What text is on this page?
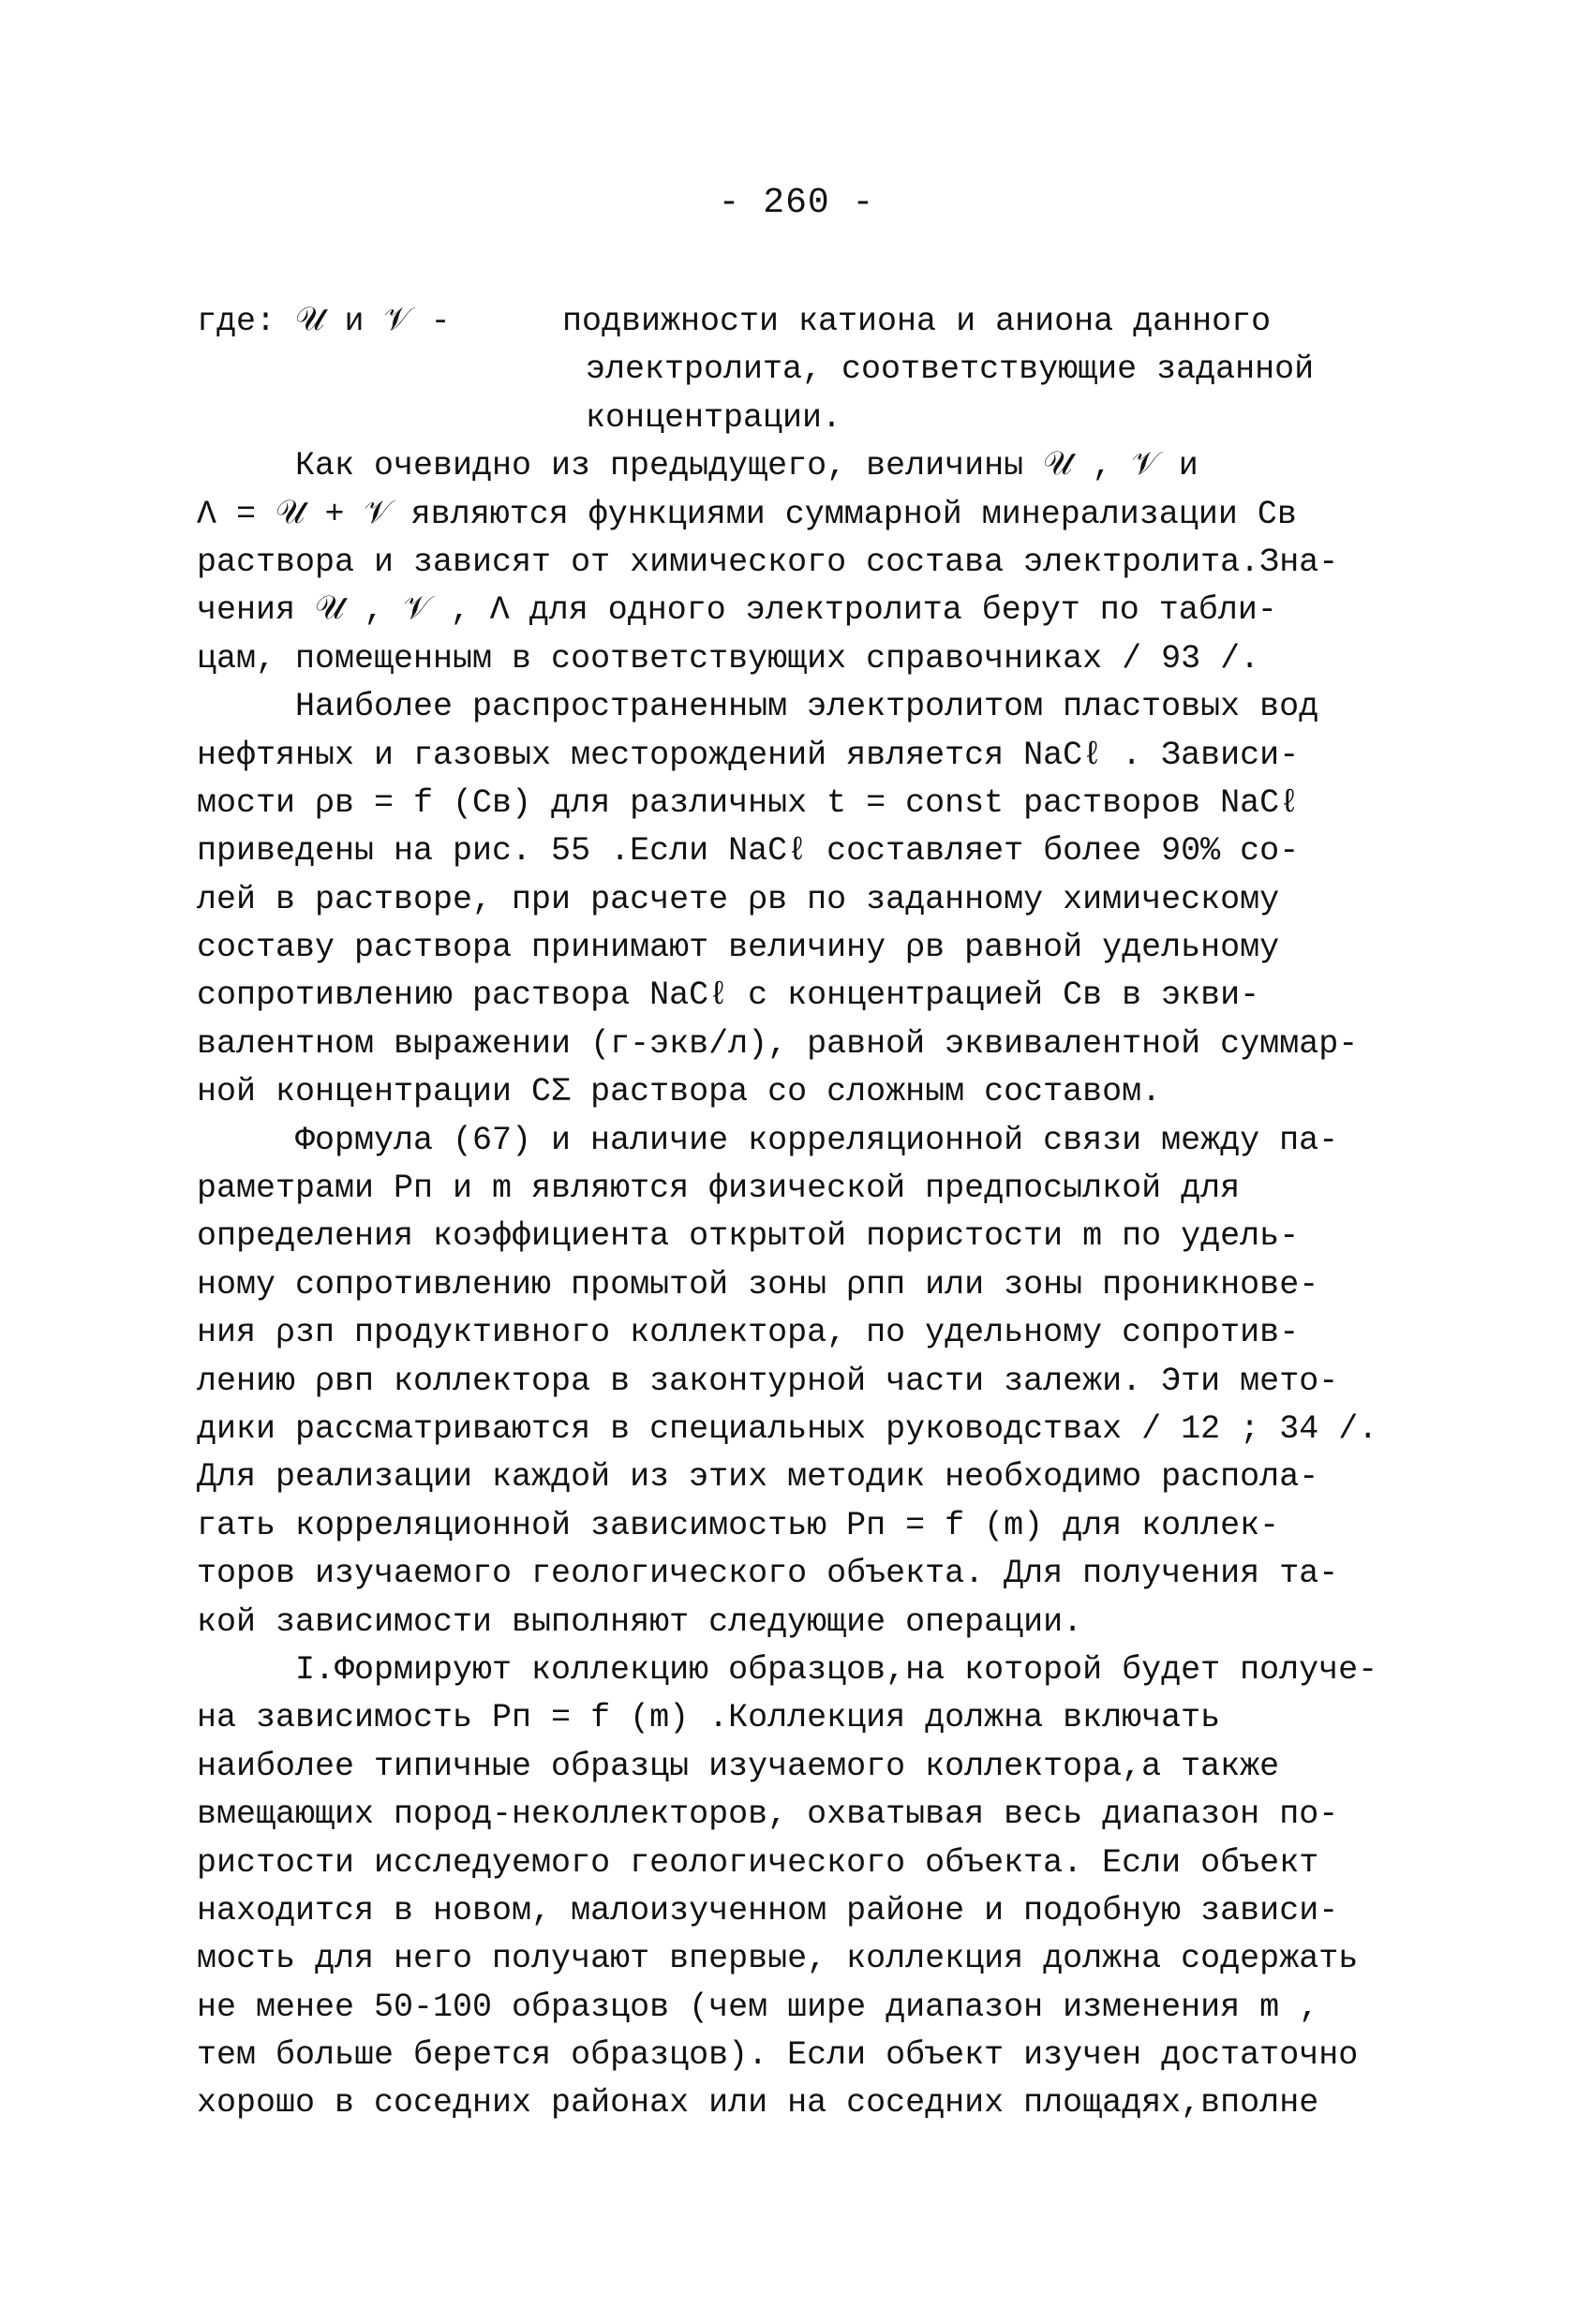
- 260 -
где: 𝒰 и 𝒱 -	подвижности катиона и аниона данного
электролита, соответствующие заданной
концентрации.
Как очевидно из предыдущего, величины 𝒰 , 𝒱 и
Λ = 𝒰 + 𝒱 являются функциями суммарной минерализации Cв
раствора и зависят от химического состава электролита.Зна-
чения 𝒰 , 𝒱 , Λ для одного электролита берут по табли-
цам, помещенным в соответствующих справочниках / 93 /.
Наиболее распространенным электролитом пластовых вод
нефтяных и газовых месторождений является NaCℓ . Зависи-
мости ρв = f (Cв) для различных t = const растворов NaCℓ
приведены на рис. 55 .Если NaCℓ составляет более 90% со-
лей в растворе, при расчете ρв по заданному химическому
составу раствора принимают величину ρв равной удельному
сопротивлению раствора NaCℓ с концентрацией Cв в экви-
валентном выражении (г-экв/л), равной эквивалентной суммар-
ной концентрации CΣ раствора со сложным составом.
Формула (67) и наличие корреляционной связи между па-
раметрами Pп и m являются физической предпосылкой для
определения коэффициента открытой пористости m по удель-
ному сопротивлению промытой зоны ρпп или зоны проникнове-
ния ρзп продуктивного коллектора, по удельному сопротив-
лению ρвп коллектора в законтурной части залежи. Эти мето-
дики рассматриваются в специальных руководствах / 12 ; 34 /.
Для реализации каждой из этих методик необходимо распола-
гать корреляционной зависимостью Pп = f (m) для коллек-
торов изучаемого геологического объекта. Для получения та-
кой зависимости выполняют следующие операции.
I.Формируют коллекцию образцов,на которой будет получе-
на зависимость Pп = f (m) .Коллекция должна включать
наиболее типичные образцы изучаемого коллектора,а также
вмещающих пород-неколлекторов, охватывая весь диапазон по-
ристости исследуемого геологического объекта. Если объект
находится в новом, малоизученном районе и подобную зависи-
мость для него получают впервые, коллекция должна содержать
не менее 50-100 образцов (чем шире диапазон изменения m ,
тем больше берется образцов). Если объект изучен достаточно
хорошо в соседних районах или на соседних площадях,вполне
